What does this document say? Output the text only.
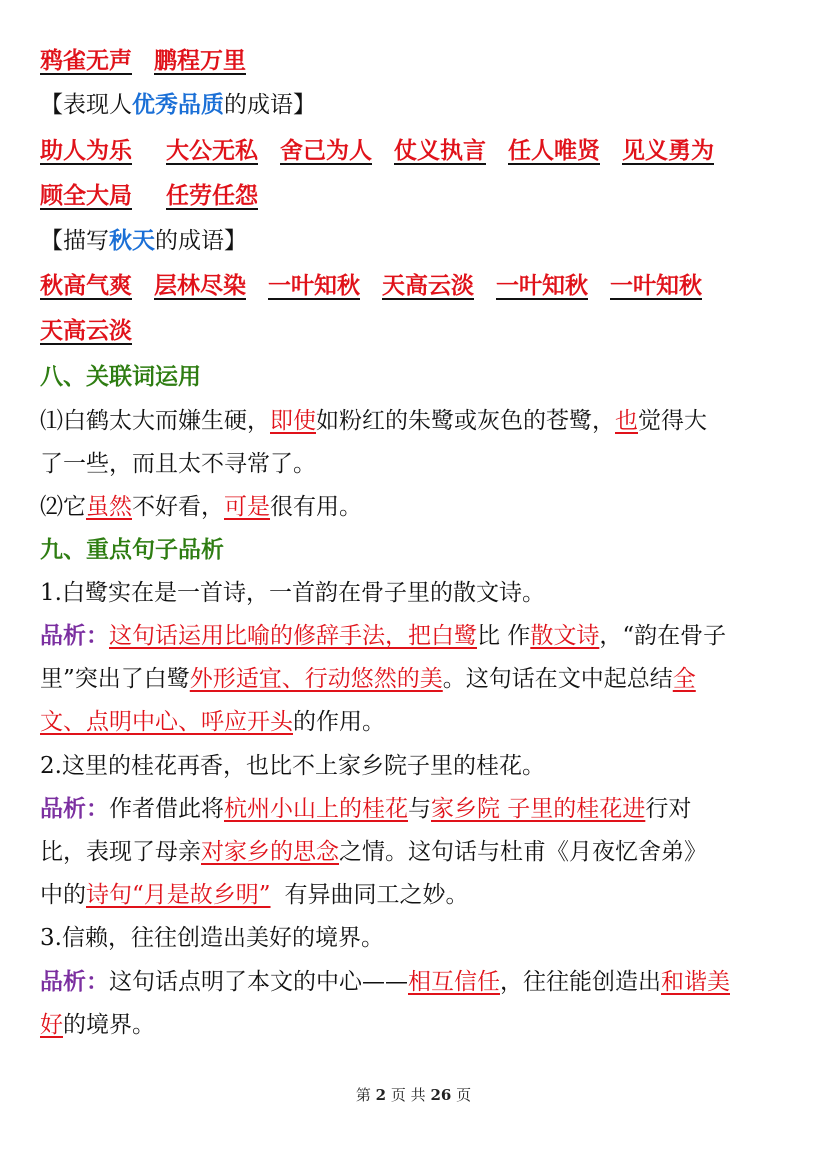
鸦雀无声 鹏程万里
【表现人优秀品质的成语】
助人为乐 大公无私 舍己为人 仗义执言 任人唯贤 见义勇为
顾全大局 任劳任怨
【描写秋天的成语】
秋高气爽 层林尽染 一叶知秋 天高云淡 一叶知秋 一叶知秋
天高云淡
八、关联词运用
⑴白鹤太大而嫌生硬，即使如粉红的朱鹭或灰色的苍鹭，也觉得大
了一些，而且太不寻常了。
⑵它虽然不好看，可是很有用。
九、重点句子品析
1.白鹭实在是一首诗，一首韵在骨子里的散文诗。
品析：这句话运用比喻的修辞手法，把白鹭比 作散文诗，“韵在骨子
里”突出了白鹭外形适宜、行动悠然的美。这句话在文中起总结全
文、点明中心、呼应开头的作用。
2.这里的桂花再香，也比不上家乡院子里的桂花。
品析：作者借此将杭州小山上的桂花与家乡院 子里的桂花进行对
比，表现了母亲对家乡的思念之情。这句话与杜甫《月夜忆舍弟》
中的诗句“月是故乡明” 有异曲同工之妙。
3.信赖，往往创造出美好的境界。
品析：这句话点明了本文的中心——相互信任，往往能创造出和谐美
好的境界。
第 2 页 共 26 页
